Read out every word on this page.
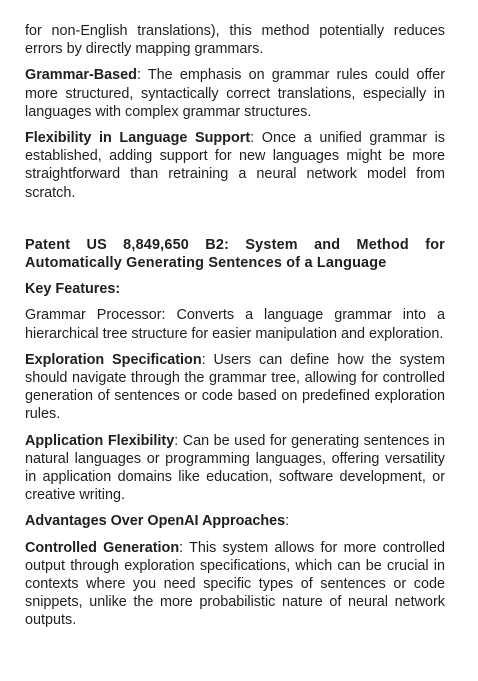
for non-English translations), this method potentially reduces errors by directly mapping grammars.

Grammar-Based: The emphasis on grammar rules could offer more structured, syntactically correct translations, especially in languages with complex grammar structures.

Flexibility in Language Support: Once a unified grammar is established, adding support for new languages might be more straightforward than retraining a neural network model from scratch.

Patent US 8,849,650 B2: System and Method for Automatically Generating Sentences of a Language

Key Features:

Grammar Processor: Converts a language grammar into a hierarchical tree structure for easier manipulation and exploration.

Exploration Specification: Users can define how the system should navigate through the grammar tree, allowing for controlled generation of sentences or code based on predefined exploration rules.

Application Flexibility: Can be used for generating sentences in natural languages or programming languages, offering versatility in application domains like education, software development, or creative writing.

Advantages Over OpenAI Approaches:

Controlled Generation: This system allows for more controlled output through exploration specifications, which can be crucial in contexts where you need specific types of sentences or code snippets, unlike the more probabilistic nature of neural network outputs.
